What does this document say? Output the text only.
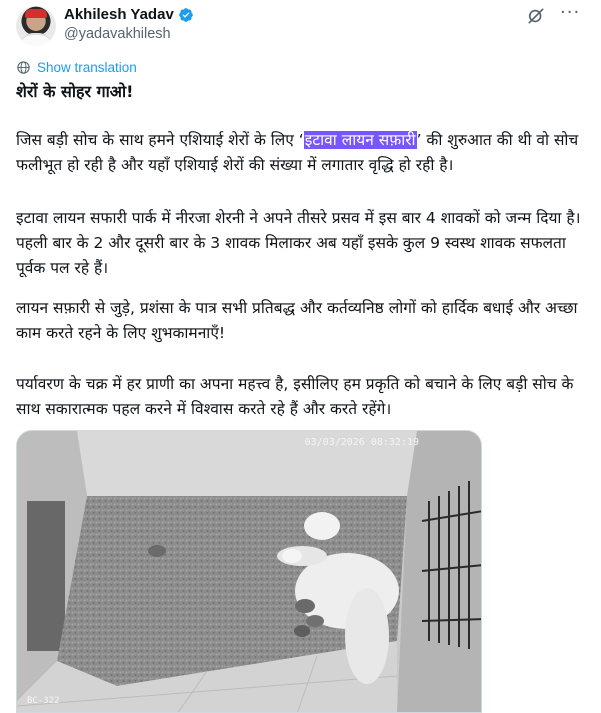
Akhilesh Yadav
@yadavakhilesh
···
Show translation
शेरों के सोहर गाओ!
जिस बड़ी सोच के साथ हमने एशियाई शेरों के लिए ‘इटावा लायन सफ़ारी’ की शुरुआत की थी वो सोच फलीभूत हो रही है और यहाँ एशियाई शेरों की संख्या में लगातार वृद्धि हो रही है।
इटावा लायन सफारी पार्क में नीरजा शेरनी ने अपने तीसरे प्रसव में इस बार 4 शावकों को जन्म दिया है। पहली बार के 2 और दूसरी बार के 3 शावक मिलाकर अब यहाँ इसके कुल 9 स्वस्थ शावक सफलता पूर्वक पल रहे हैं।
लायन सफ़ारी से जुड़े, प्रशंसा के पात्र सभी प्रतिबद्ध और कर्तव्यनिष्ठ लोगों को हार्दिक बधाई और अच्छा काम करते रहने के लिए शुभकामनाएँ!
पर्यावरण के चक्र में हर प्राणी का अपना महत्त्व है, इसीलिए हम प्रकृति को बचाने के लिए बड़ी सोच के साथ सकारात्मक पहल करने में विश्वास करते रहे हैं और करते रहेंगे।
03/03/2026 08:32:19
BC-322
